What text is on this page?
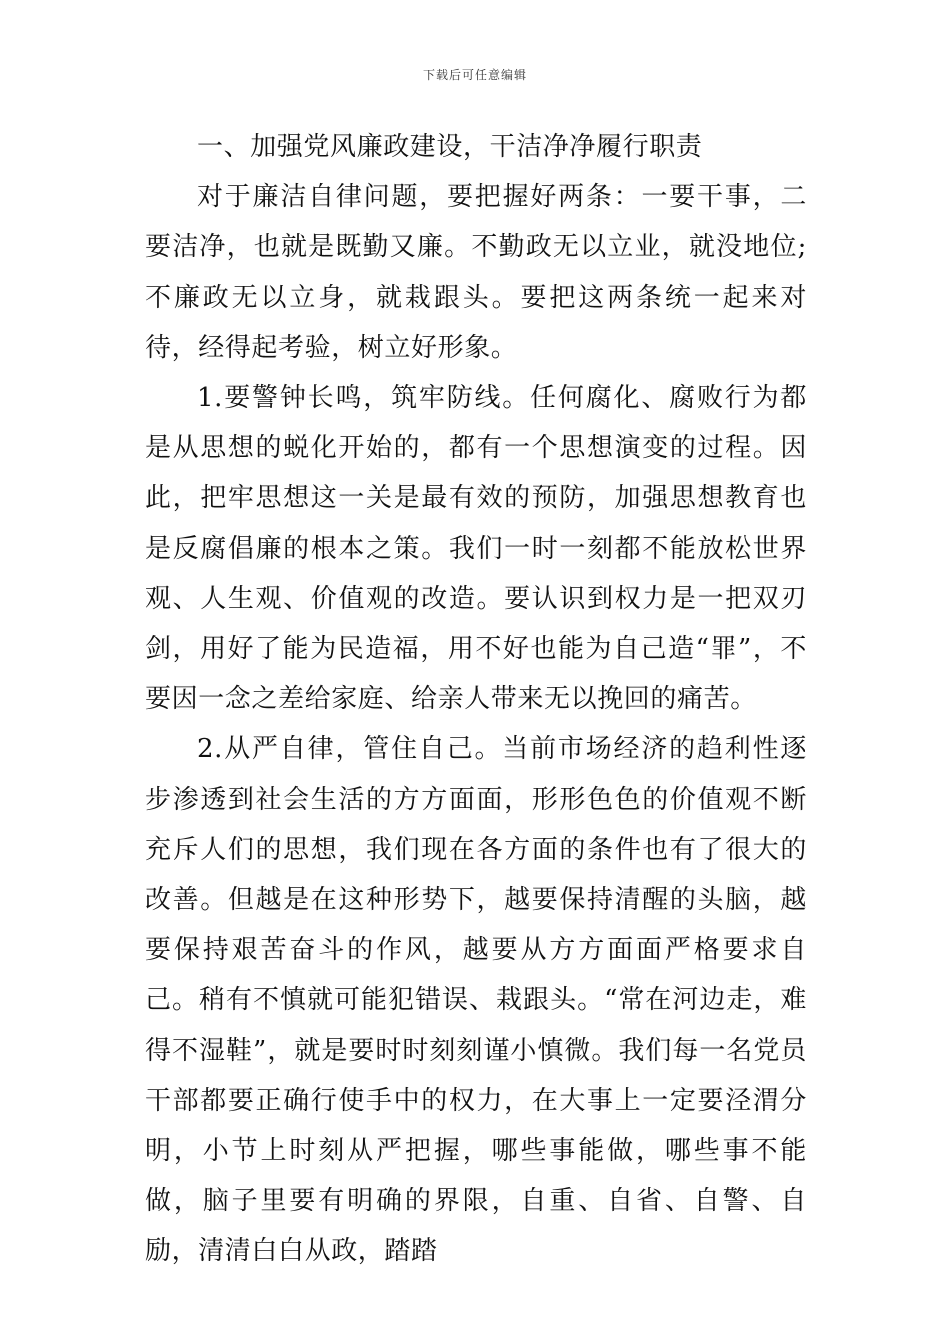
下载后可任意编辑

一、加强党风廉政建设，干洁净净履行职责

对于廉洁自律问题，要把握好两条：一要干事，二要洁净，也就是既勤又廉。不勤政无以立业，就没地位;不廉政无以立身，就栽跟头。要把这两条统一起来对待，经得起考验，树立好形象。

1.要警钟长鸣，筑牢防线。任何腐化、腐败行为都是从思想的蜕化开始的，都有一个思想演变的过程。因此，把牢思想这一关是最有效的预防，加强思想教育也是反腐倡廉的根本之策。我们一时一刻都不能放松世界观、人生观、价值观的改造。要认识到权力是一把双刃剑，用好了能为民造福，用不好也能为自己造“罪”，不要因一念之差给家庭、给亲人带来无以挽回的痛苦。

2.从严自律，管住自己。当前市场经济的趋利性逐步渗透到社会生活的方方面面，形形色色的价值观不断充斥人们的思想，我们现在各方面的条件也有了很大的改善。但越是在这种形势下，越要保持清醒的头脑，越要保持艰苦奋斗的作风，越要从方方面面严格要求自己。稍有不慎就可能犯错误、栽跟头。“常在河边走，难得不湿鞋”，就是要时时刻刻谨小慎微。我们每一名党员干部都要正确行使手中的权力，在大事上一定要泾渭分明，小节上时刻从严把握，哪些事能做，哪些事不能做，脑子里要有明确的界限，自重、自省、自警、自励，清清白白从政，踏踏
